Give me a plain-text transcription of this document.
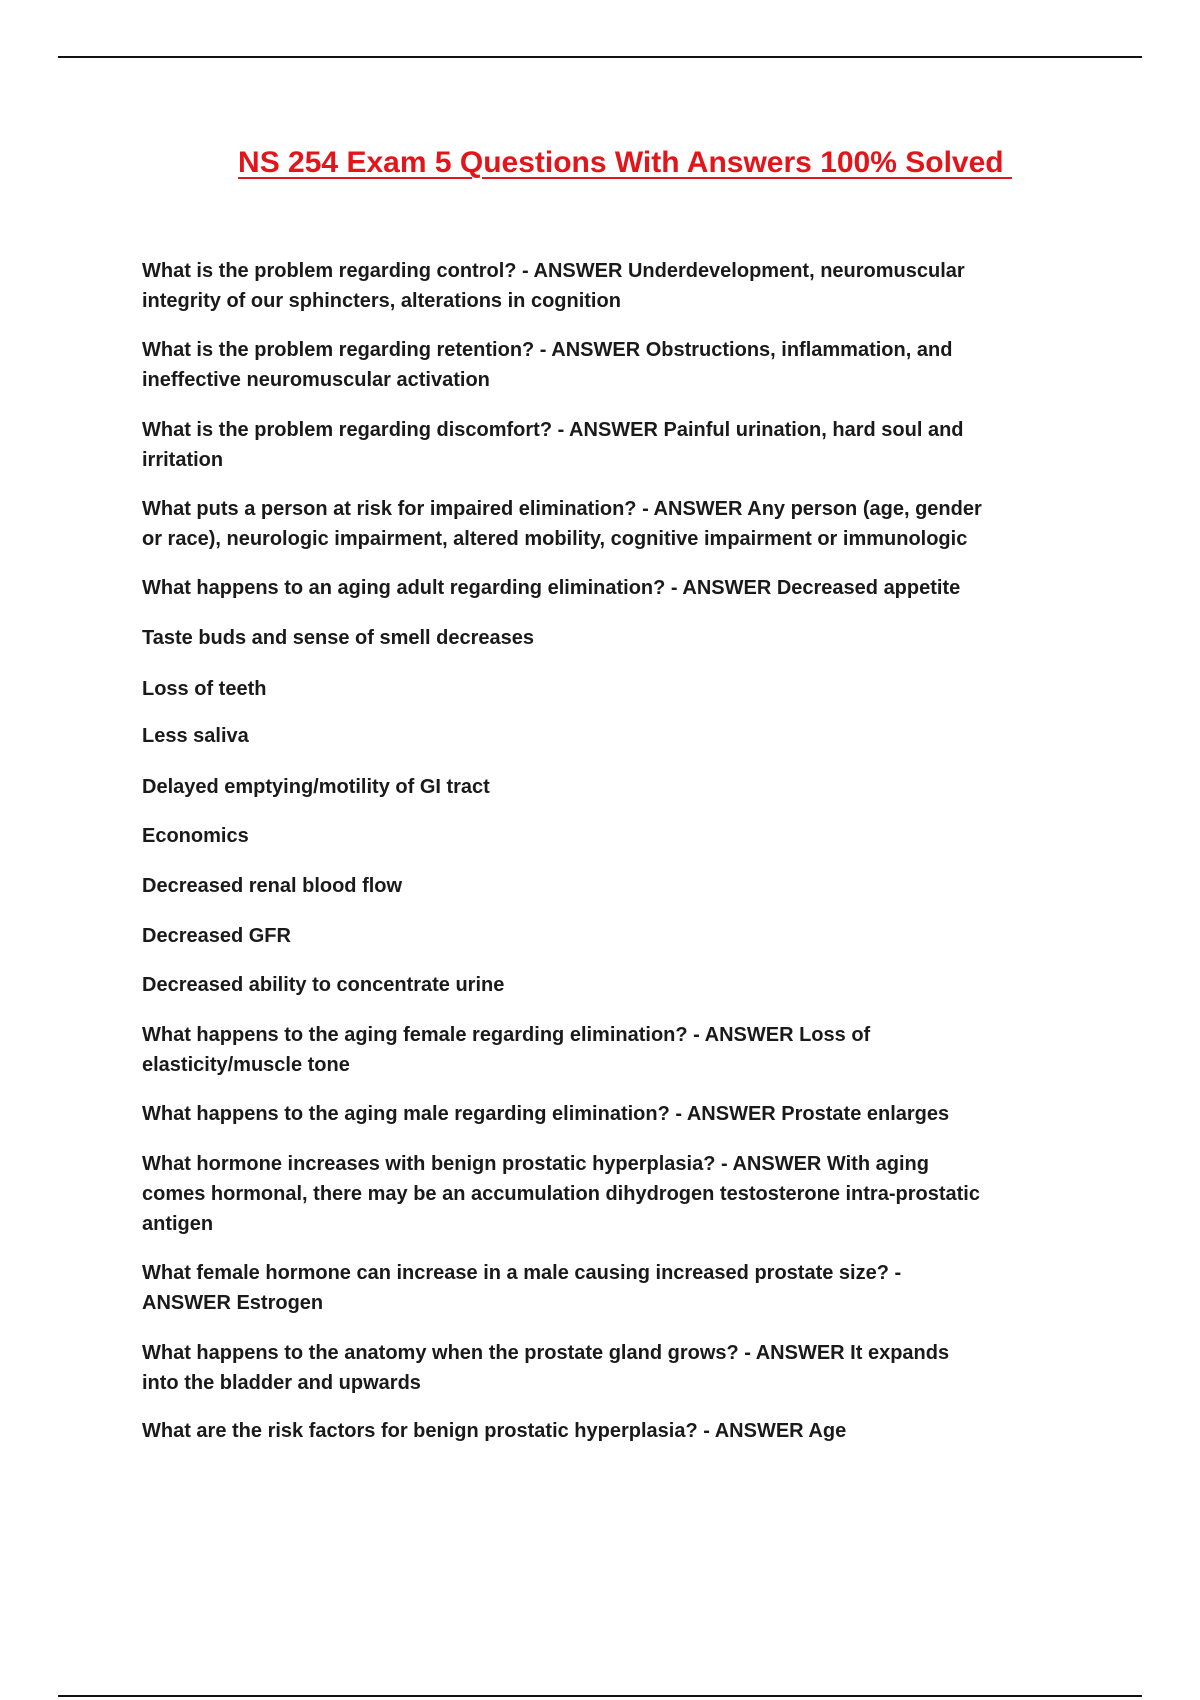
NS 254 Exam 5 Questions With Answers 100% Solved
What is the problem regarding control? - ANSWER Underdevelopment, neuromuscular
integrity of our sphincters, alterations in cognition
What is the problem regarding retention? - ANSWER Obstructions, inflammation, and
ineffective neuromuscular activation
What is the problem regarding discomfort? - ANSWER Painful urination, hard soul and
irritation
What puts a person at risk for impaired elimination? - ANSWER Any person (age, gender
or race), neurologic impairment, altered mobility, cognitive impairment or immunologic
What happens to an aging adult regarding elimination? - ANSWER Decreased appetite
Taste buds and sense of smell decreases
Loss of teeth
Less saliva
Delayed emptying/motility of GI tract
Economics
Decreased renal blood flow
Decreased GFR
Decreased ability to concentrate urine
What happens to the aging female regarding elimination? - ANSWER Loss of
elasticity/muscle tone
What happens to the aging male regarding elimination? - ANSWER Prostate enlarges
What hormone increases with benign prostatic hyperplasia? - ANSWER With aging
comes hormonal, there may be an accumulation dihydrogen testosterone intra-prostatic
antigen
What female hormone can increase in a male causing increased prostate size? -
ANSWER Estrogen
What happens to the anatomy when the prostate gland grows? - ANSWER It expands
into the bladder and upwards
What are the risk factors for benign prostatic hyperplasia? - ANSWER Age
